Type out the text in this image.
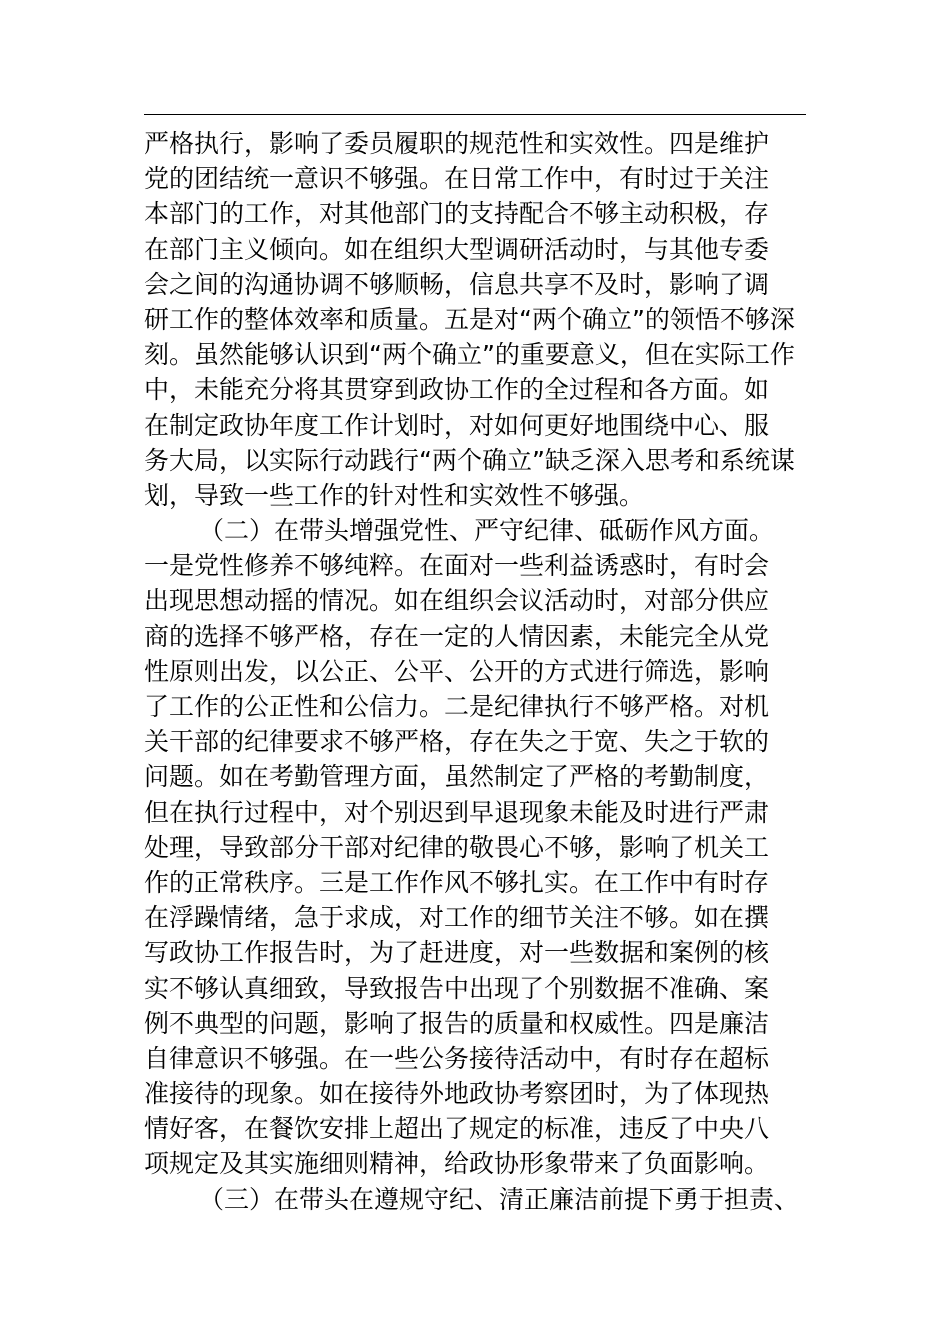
严格执行，影响了委员履职的规范性和实效性。四是维护
党的团结统一意识不够强。在日常工作中，有时过于关注
本部门的工作，对其他部门的支持配合不够主动积极，存
在部门主义倾向。如在组织大型调研活动时，与其他专委
会之间的沟通协调不够顺畅，信息共享不及时，影响了调
研工作的整体效率和质量。五是对“两个确立”的领悟不够深
刻。虽然能够认识到“两个确立”的重要意义，但在实际工作
中，未能充分将其贯穿到政协工作的全过程和各方面。如
在制定政协年度工作计划时，对如何更好地围绕中心、服
务大局，以实际行动践行“两个确立”缺乏深入思考和系统谋
划，导致一些工作的针对性和实效性不够强。
（二）在带头增强党性、严守纪律、砥砺作风方面。
一是党性修养不够纯粹。在面对一些利益诱惑时，有时会
出现思想动摇的情况。如在组织会议活动时，对部分供应
商的选择不够严格，存在一定的人情因素，未能完全从党
性原则出发，以公正、公平、公开的方式进行筛选，影响
了工作的公正性和公信力。二是纪律执行不够严格。对机
关干部的纪律要求不够严格，存在失之于宽、失之于软的
问题。如在考勤管理方面，虽然制定了严格的考勤制度，
但在执行过程中，对个别迟到早退现象未能及时进行严肃
处理，导致部分干部对纪律的敬畏心不够，影响了机关工
作的正常秩序。三是工作作风不够扎实。在工作中有时存
在浮躁情绪，急于求成，对工作的细节关注不够。如在撰
写政协工作报告时，为了赶进度，对一些数据和案例的核
实不够认真细致，导致报告中出现了个别数据不准确、案
例不典型的问题，影响了报告的质量和权威性。四是廉洁
自律意识不够强。在一些公务接待活动中，有时存在超标
准接待的现象。如在接待外地政协考察团时，为了体现热
情好客，在餐饮安排上超出了规定的标准，违反了中央八
项规定及其实施细则精神，给政协形象带来了负面影响。
（三）在带头在遵规守纪、清正廉洁前提下勇于担责、
